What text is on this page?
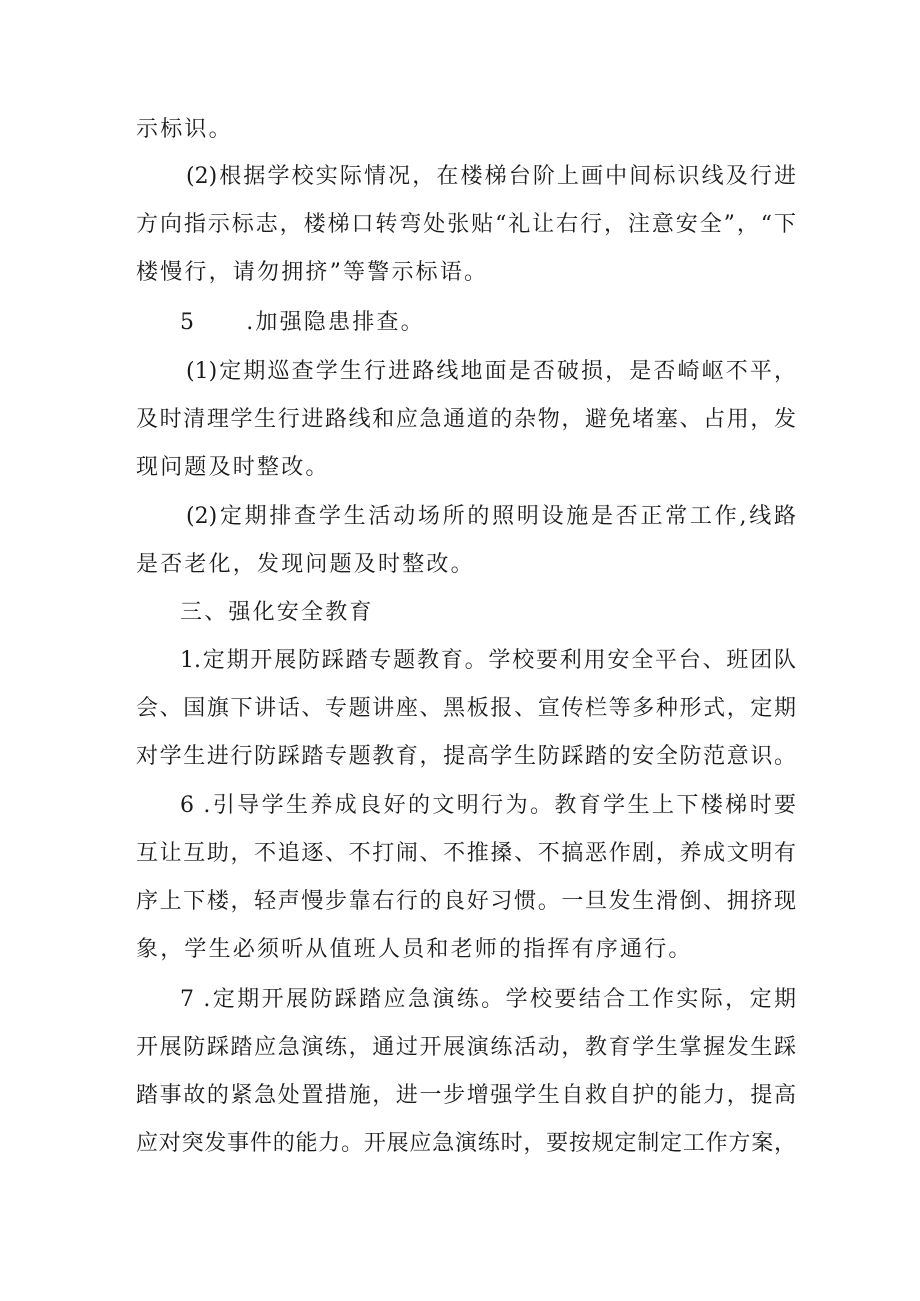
示标识。
(2)根据学校实际情况，在楼梯台阶上画中间标识线及行进
方向指示标志，楼梯口转弯处张贴“礼让右行，注意安全”，“下
楼慢行，请勿拥挤”等警示标语。
5 .加强隐患排查。
(1)定期巡查学生行进路线地面是否破损，是否崎岖不平，
及时清理学生行进路线和应急通道的杂物，避免堵塞、占用，发
现问题及时整改。
(2)定期排查学生活动场所的照明设施是否正常工作,线路
是否老化，发现问题及时整改。
三、强化安全教育
1.定期开展防踩踏专题教育。学校要利用安全平台、班团队
会、国旗下讲话、专题讲座、黑板报、宣传栏等多种形式，定期
对学生进行防踩踏专题教育，提高学生防踩踏的安全防范意识。
6 .引导学生养成良好的文明行为。教育学生上下楼梯时要
互让互助，不追逐、不打闹、不推搡、不搞恶作剧，养成文明有
序上下楼，轻声慢步靠右行的良好习惯。一旦发生滑倒、拥挤现
象，学生必须听从值班人员和老师的指挥有序通行。
7 .定期开展防踩踏应急演练。学校要结合工作实际，定期
开展防踩踏应急演练，通过开展演练活动，教育学生掌握发生踩
踏事故的紧急处置措施，进一步增强学生自救自护的能力，提高
应对突发事件的能力。开展应急演练时，要按规定制定工作方案，
